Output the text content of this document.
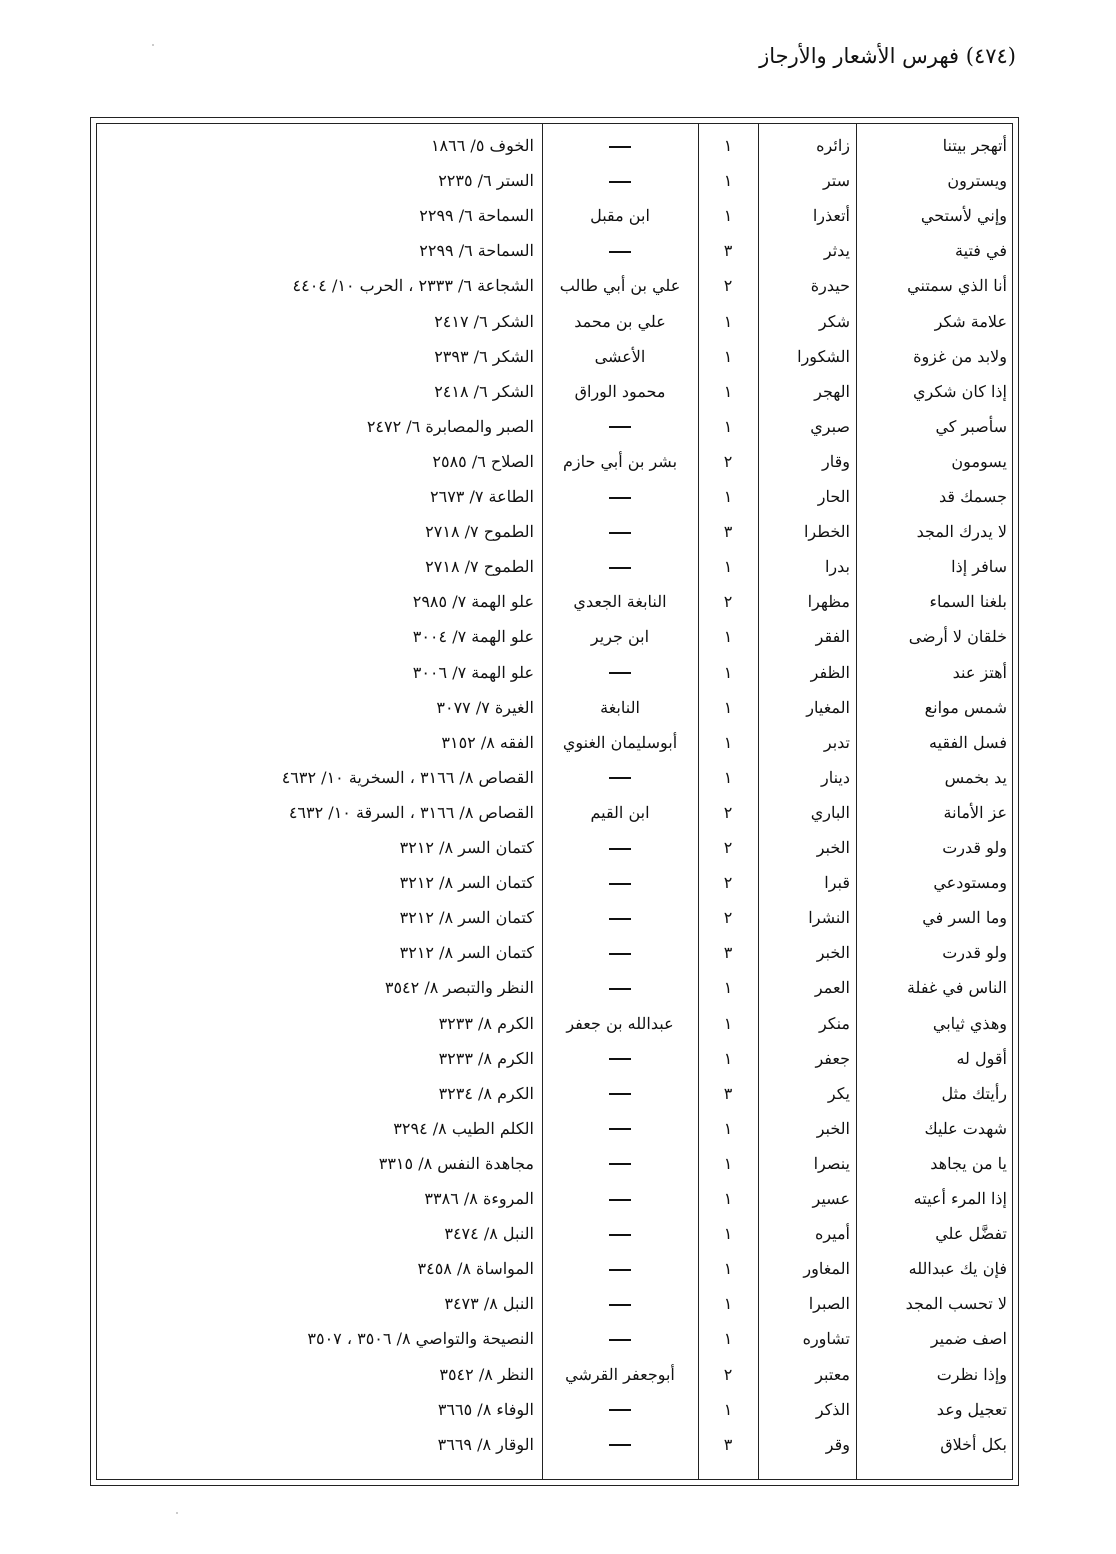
(٤٧٤) فهرس الأشعار والأرجاز
أتهجر بيتنا
زائره
١
الخوف ٥/ ١٨٦٦
ويسترون
ستر
١
الستر ٦/ ٢٢٣٥
وإني لأستحي
أتعذرا
١
ابن مقبل
السماحة ٦/ ٢٢٩٩
في فتية
يدثر
٣
السماحة ٦/ ٢٢٩٩
أنا الذي سمتني
حيدرة
٢
علي بن أبي طالب
الشجاعة ٦/ ٢٣٣٣ ، الحرب ١٠/ ٤٤٠٤
علامة شكر
شكر
١
علي بن محمد
الشكر ٦/ ٢٤١٧
ولابد من غزوة
الشكورا
١
الأعشى
الشكر ٦/ ٢٣٩٣
إذا كان شكري
الهجر
١
محمود الوراق
الشكر ٦/ ٢٤١٨
سأصبر كي
صبري
١
الصبر والمصابرة ٦/ ٢٤٧٢
يسومون
وقار
٢
بشر بن أبي حازم
الصلاح ٦/ ٢٥٨٥
جسمك قد
الحار
١
الطاعة ٧/ ٢٦٧٣
لا يدرك المجد
الخطرا
٣
الطموح ٧/ ٢٧١٨
سافر إذا
بدرا
١
الطموح ٧/ ٢٧١٨
بلغنا السماء
مظهرا
٢
النابغة الجعدي
علو الهمة ٧/ ٢٩٨٥
خلقان لا أرضى
الفقر
١
ابن جرير
علو الهمة ٧/ ٣٠٠٤
أهتز عند
الظفر
١
علو الهمة ٧/ ٣٠٠٦
شمس موانع
المغيار
١
النابغة
الغيرة ٧/ ٣٠٧٧
فسل الفقيه
تدبر
١
أبوسليمان الغنوي
الفقه ٨/ ٣١٥٢
يد بخمس
دينار
١
القصاص ٨/ ٣١٦٦ ، السخرية ١٠/ ٤٦٣٢
عز الأمانة
الباري
٢
ابن القيم
القصاص ٨/ ٣١٦٦ ، السرقة ١٠/ ٤٦٣٢
ولو قدرت
الخبر
٢
كتمان السر ٨/ ٣٢١٢
ومستودعي
قبرا
٢
كتمان السر ٨/ ٣٢١٢
وما السر في
النشرا
٢
كتمان السر ٨/ ٣٢١٢
ولو قدرت
الخبر
٣
كتمان السر ٨/ ٣٢١٢
الناس في غفلة
العمر
١
النظر والتبصر ٨/ ٣٥٤٢
وهذي ثيابي
منكر
١
عبدالله بن جعفر
الكرم ٨/ ٣٢٣٣
أقول له
جعفر
١
الكرم ٨/ ٣٢٣٣
رأيتك مثل
يكر
٣
الكرم ٨/ ٣٢٣٤
شهدت عليك
الخبر
١
الكلم الطيب ٨/ ٣٢٩٤
يا من يجاهد
ينصرا
١
مجاهدة النفس ٨/ ٣٣١٥
إذا المرء أعيته
عسير
١
المروءة ٨/ ٣٣٨٦
تفضَّل علي
أميره
١
النبل ٨/ ٣٤٧٤
فإن يك عبدالله
المغاور
١
المواساة ٨/ ٣٤٥٨
لا تحسب المجد
الصبرا
١
النبل ٨/ ٣٤٧٣
اصف ضمير
تشاوره
١
النصيحة والتواصي ٨/ ٣٥٠٦ ، ٣٥٠٧
وإذا نظرت
معتبر
٢
أبوجعفر القرشي
النظر ٨/ ٣٥٤٢
تعجيل وعد
الذكر
١
الوفاء ٨/ ٣٦٦٥
بكل أخلاق
وقر
٣
الوقار ٨/ ٣٦٦٩
